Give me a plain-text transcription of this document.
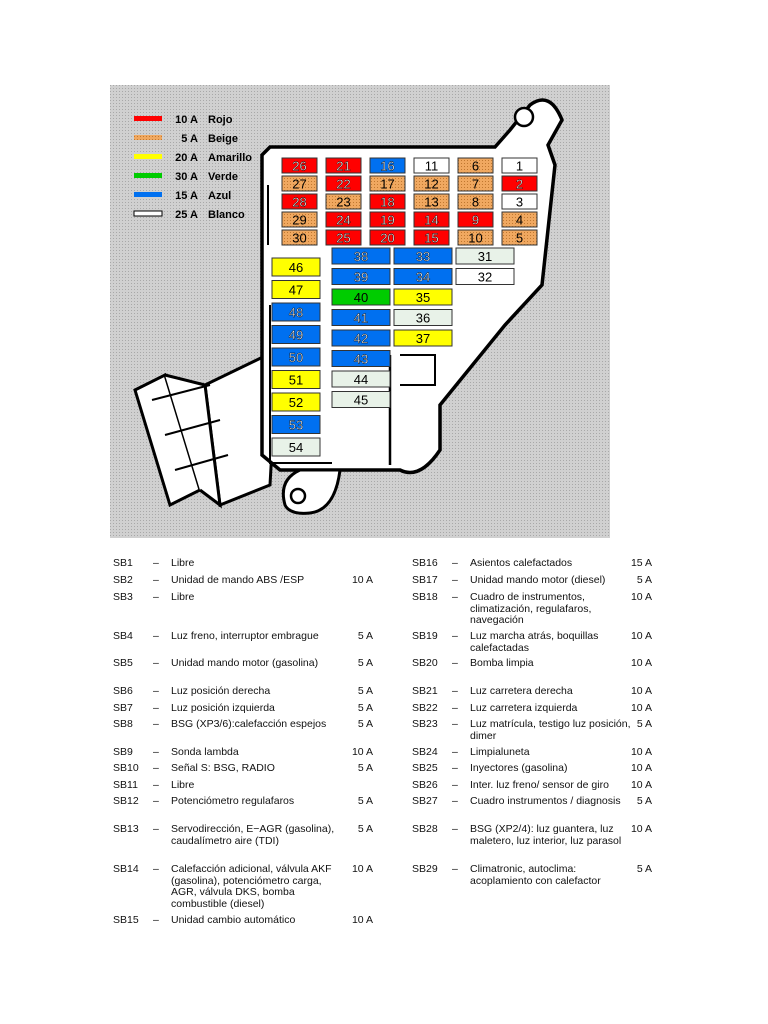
10 A Rojo
5 A Beige
20 A Amarillo
30 A Verde
15 A Azul
25 A Blanco
26 21 16 11	6	1
27 22 17 12	7	2
28 23 18 13	8	3
29 24 19 14	9	4
30 25 20 15 10	5
46
47
48
49
50
51
52
53
54
38	33	31
39	34	32
40	35
41	36
42	37
43
44
45
SB1 – Libre
SB2 – Unidad de mando ABS /ESP	10 A
SB3 – Libre
SB4 – Luz freno, interruptor embrague	5 A
SB5 – Unidad mando motor (gasolina)	5 A
SB6 – Luz posición derecha	5 A
SB7 – Luz posición izquierda	5 A
SB8 – BSG (XP3/6):calefacción espejos	5 A
SB9 – Sonda lambda	10 A
SB10 – Señal S: BSG, RADIO	5 A
SB11 – Libre
SB12 – Potenciómetro regulafaros	5 A
SB13 – Servodirección, E−AGR (gasolina), caudalímetro aire (TDI)
5 A
SB14 – Calefacción adicional, válvula AKF (gasolina), potenciómetro carga, AGR, válvula DKS, bomba combustible (diesel)
10 A
SB15 – Unidad cambio automático	10 A
SB16 – Asientos calefactados	15 A
SB17 – Unidad mando motor (diesel)	5 A
SB18 – Cuadro de instrumentos, climatización, regulafaros, navegación
10 A
SB19 – Luz marcha atrás, boquillas calefactadas
10 A
SB20 – Bomba limpia	10 A
SB21 – Luz carretera derecha	10 A
SB22 – Luz carretera izquierda	10 A
SB23 – Luz matrícula, testigo luz posición, dimer
5 A
SB24 – Limpialuneta	10 A
SB25 – Inyectores (gasolina)	10 A
SB26 – Inter. luz freno/ sensor de giro	10 A
SB27 – Cuadro instrumentos / diagnosis	5 A
SB28 – BSG (XP2/4): luz guantera, luz maletero, luz interior, luz parasol
10 A
SB29 – Climatronic, autoclima: acoplamiento con calefactor
5 A
